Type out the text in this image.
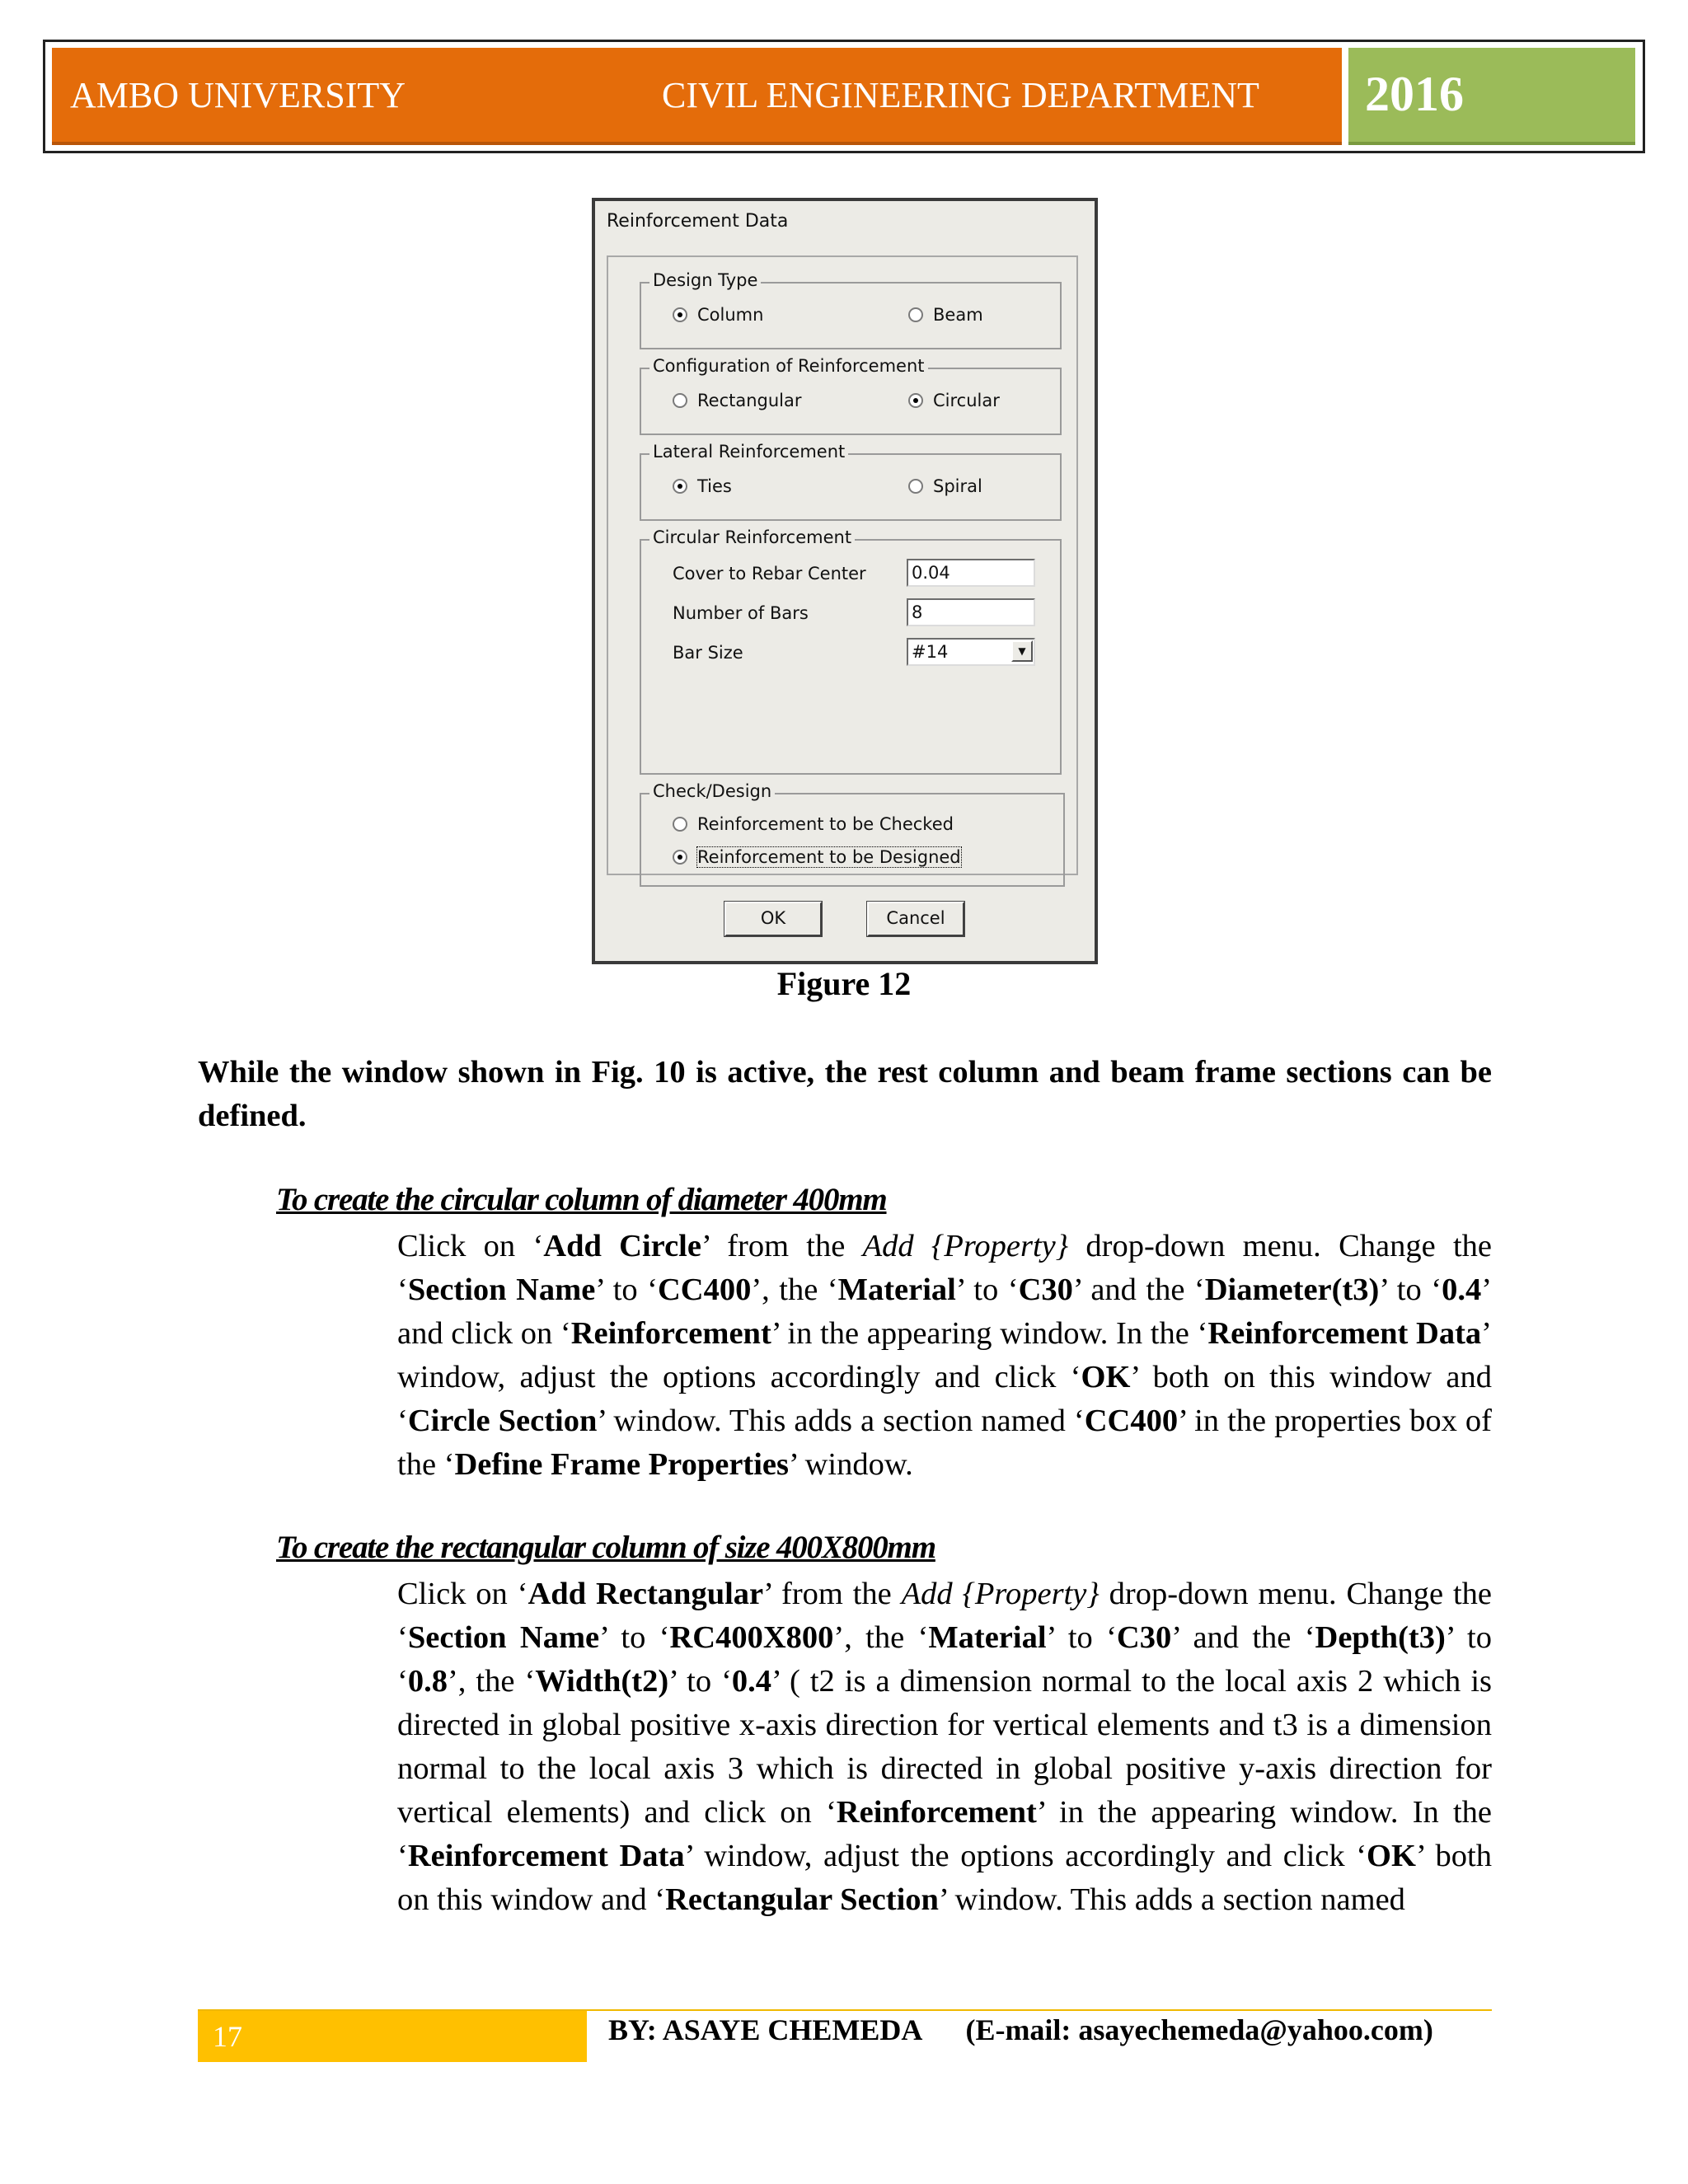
AMBO UNIVERSITY	CIVIL ENGINEERING DEPARTMENT 2016
Reinforcement Data
Design Type
Column	Beam
Configuration of Reinforcement
Rectangular	Circular
Lateral Reinforcement
Ties	Spiral
Circular Reinforcement
Cover to Rebar Center	0.04
Number of Bars	8
Bar Size	#14	▼
Check/Design
Reinforcement to be Checked
Reinforcement to be Designed
OK	Cancel
Figure 12
While the window shown in Fig. 10 is active, the rest column and beam frame sections can be defined.
To create the circular column of diameter 400mm
Click on ‘Add Circle’ from the Add {Property} drop-down menu. Change the ‘Section Name’ to ‘CC400’, the ‘Material’ to ‘C30’ and the ‘Diameter(t3)’ to ‘0.4’ and click on ‘Reinforcement’ in the appearing window. In the ‘Reinforcement Data’ window, adjust the options accordingly and click ‘OK’ both on this window and ‘Circle Section’ window. This adds a section named ‘CC400’ in the properties box of the ‘Define Frame Properties’ window.
To create the rectangular column of size 400X800mm
Click on ‘Add Rectangular’ from the Add {Property} drop-down menu. Change the ‘Section Name’ to ‘RC400X800’, the ‘Material’ to ‘C30’ and the ‘Depth(t3)’ to ‘0.8’, the ‘Width(t2)’ to ‘0.4’ ( t2 is a dimension normal to the local axis 2 which is directed in global positive x-axis direction for vertical elements and t3 is a dimension normal to the local axis 3 which is directed in global positive y-axis direction for vertical elements) and click on ‘Reinforcement’ in the appearing window. In the ‘Reinforcement Data’ window, adjust the options accordingly and click ‘OK’ both on this window and ‘Rectangular Section’ window. This adds a section named
17	BY: ASAYE CHEMEDA (E-mail: asayechemeda@yahoo.com)
